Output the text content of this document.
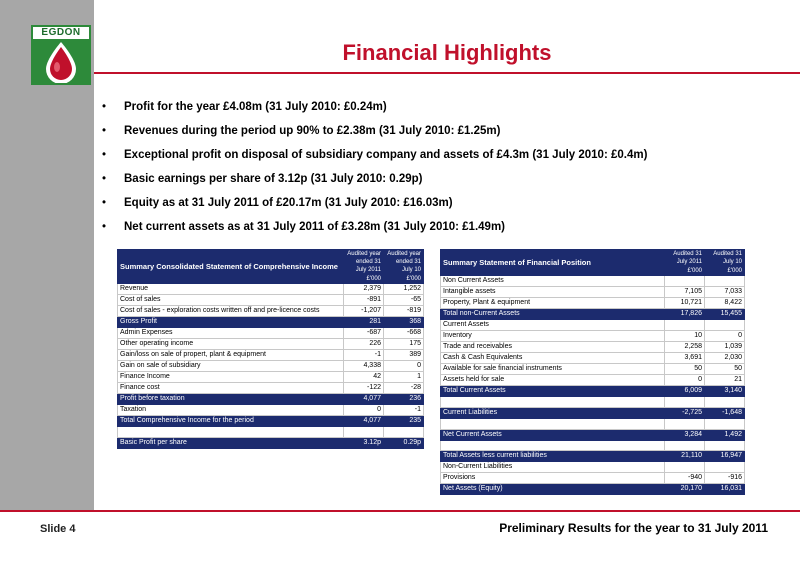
EGDON
Financial Highlights
• Profit for the year £4.08m (31 July 2010: £0.24m)
• Revenues during the period up 90% to £2.38m (31 July 2010: £1.25m)
• Exceptional profit on disposal of subsidiary company and assets of £4.3m (31 July 2010: £0.4m)
• Basic earnings per share of 3.12p (31 July 2010: 0.29p)
• Equity as at 31 July 2011 of £20.17m (31 July 2010: £16.03m)
• Net current assets as at 31 July 2011 of £3.28m (31 July 2010: £1.49m)
Summary Consolidated Statement of Comprehensive Income	Audited year ended 31 July 2011	Audited year ended 31 July 10
	£'000	£'000
Revenue	2,379	1,252
Cost of sales	-891	-65
Cost of sales - exploration costs written off and pre-licence costs	-1,207	-819
Gross Profit	281	368
Admin Expenses	-687	-668
Other operating income	226	175
Gain/loss on sale of propert, plant & equipment	-1	389
Gain on sale of subsidiary	4,338	0
Finance Income	42	1
Finance cost	-122	-28
Profit before taxation	4,077	236
Taxation	0	-1
Total Comprehensive Income for the period	4,077	235

Basic Profit per share	3.12p	0.29p
Summary Statement of Financial Position	Audited 31 July 2011	Audited 31 July 10
	£'000	£'000
Non Current Assets		
Intangible assets	7,105	7,033
Property, Plant & equipment	10,721	8,422
Total non-Current Assets	17,826	15,455
Current Assets		
Inventory	10	0
Trade and receivables	2,258	1,039
Cash & Cash Equivalents	3,691	2,030
Available for sale financial instruments	50	50
Assets held for sale	0	21
Total Current Assets	6,009	3,140

Current Liabilities	-2,725	-1,648

Net Current Assets	3,284	1,492

Total Assets less current liabilities	21,110	16,947
Non-Current Liabilities		
Provisions	-940	-916
Net Assets (Equity)	20,170	16,031
Slide 4	Preliminary Results for the year to 31 July 2011
